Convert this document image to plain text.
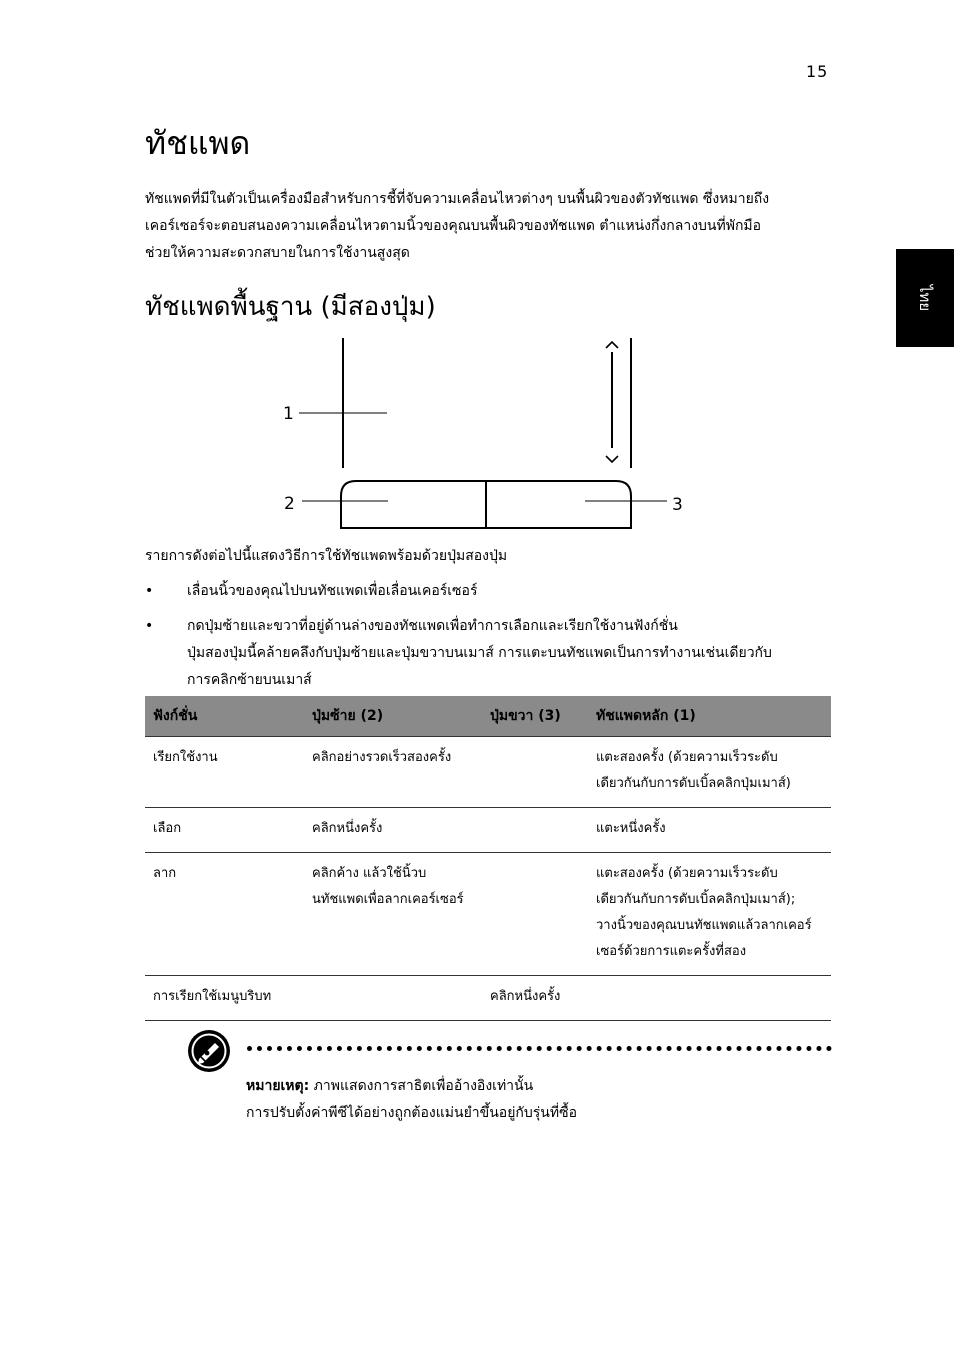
15
ไทย
ทัชแพด

ทัชแพดที่มีในตัวเป็นเครื่องมือสำหรับการชี้ที่จับความเคลื่อนไหวต่างๆ บนพื้นผิวของตัวทัชแพด ซึ่งหมายถึง
เคอร์เซอร์จะตอบสนองความเคลื่อนไหวตามนิ้วของคุณบนพื้นผิวของทัชแพด ตำแหน่งกึ่งกลางบนที่พักมือ
ช่วยให้ความสะดวกสบายในการใช้งานสูงสุด

ทัชแพดพื้นฐาน (มีสองปุ่ม)
1
2	3

รายการดังต่อไปนี้แสดงวิธีการใช้ทัชแพดพร้อมด้วยปุ่มสองปุ่ม

• เลื่อนนิ้วของคุณไปบนทัชแพดเพื่อเลื่อนเคอร์เซอร์
• กดปุ่มซ้ายและขวาที่อยู่ด้านล่างของทัชแพดเพื่อทำการเลือกและเรียกใช้งานฟังก์ชั่น
ปุ่มสองปุ่มนี้คล้ายคลึงกับปุ่มซ้ายและปุ่มขวาบนเมาส์ การแตะบนทัชแพดเป็นการทำงานเช่นเดียวกับ
การคลิกซ้ายบนเมาส์
ฟังก์ชั่น	ปุ่มซ้าย (2)	ปุ่มขวา (3)	ทัชแพดหลัก (1)
เรียกใช้งาน	คลิกอย่างรวดเร็วสองครั้ง		แตะสองครั้ง (ด้วยความเร็วระดับ
เดียวกันกับการดับเบิ้ลคลิกปุ่มเมาส์)
เลือก	คลิกหนึ่งครั้ง		แตะหนึ่งครั้ง
ลาก	คลิกค้าง แล้วใช้นิ้วบ
นทัชแพดเพื่อลากเคอร์เซอร์		แตะสองครั้ง (ด้วยความเร็วระดับ
เดียวกันกับการดับเบิ้ลคลิกปุ่มเมาส์);
วางนิ้วของคุณบนทัชแพดแล้วลากเคอร์
เซอร์ด้วยการแตะครั้งที่สอง
การเรียกใช้เมนูบริบท		คลิกหนึ่งครั้ง	

หมายเหตุ: ภาพแสดงการสาธิตเพื่ออ้างอิงเท่านั้น
การปรับตั้งค่าพีซีได้อย่างถูกต้องแม่นยำขึ้นอยู่กับรุ่นที่ซื้อ
